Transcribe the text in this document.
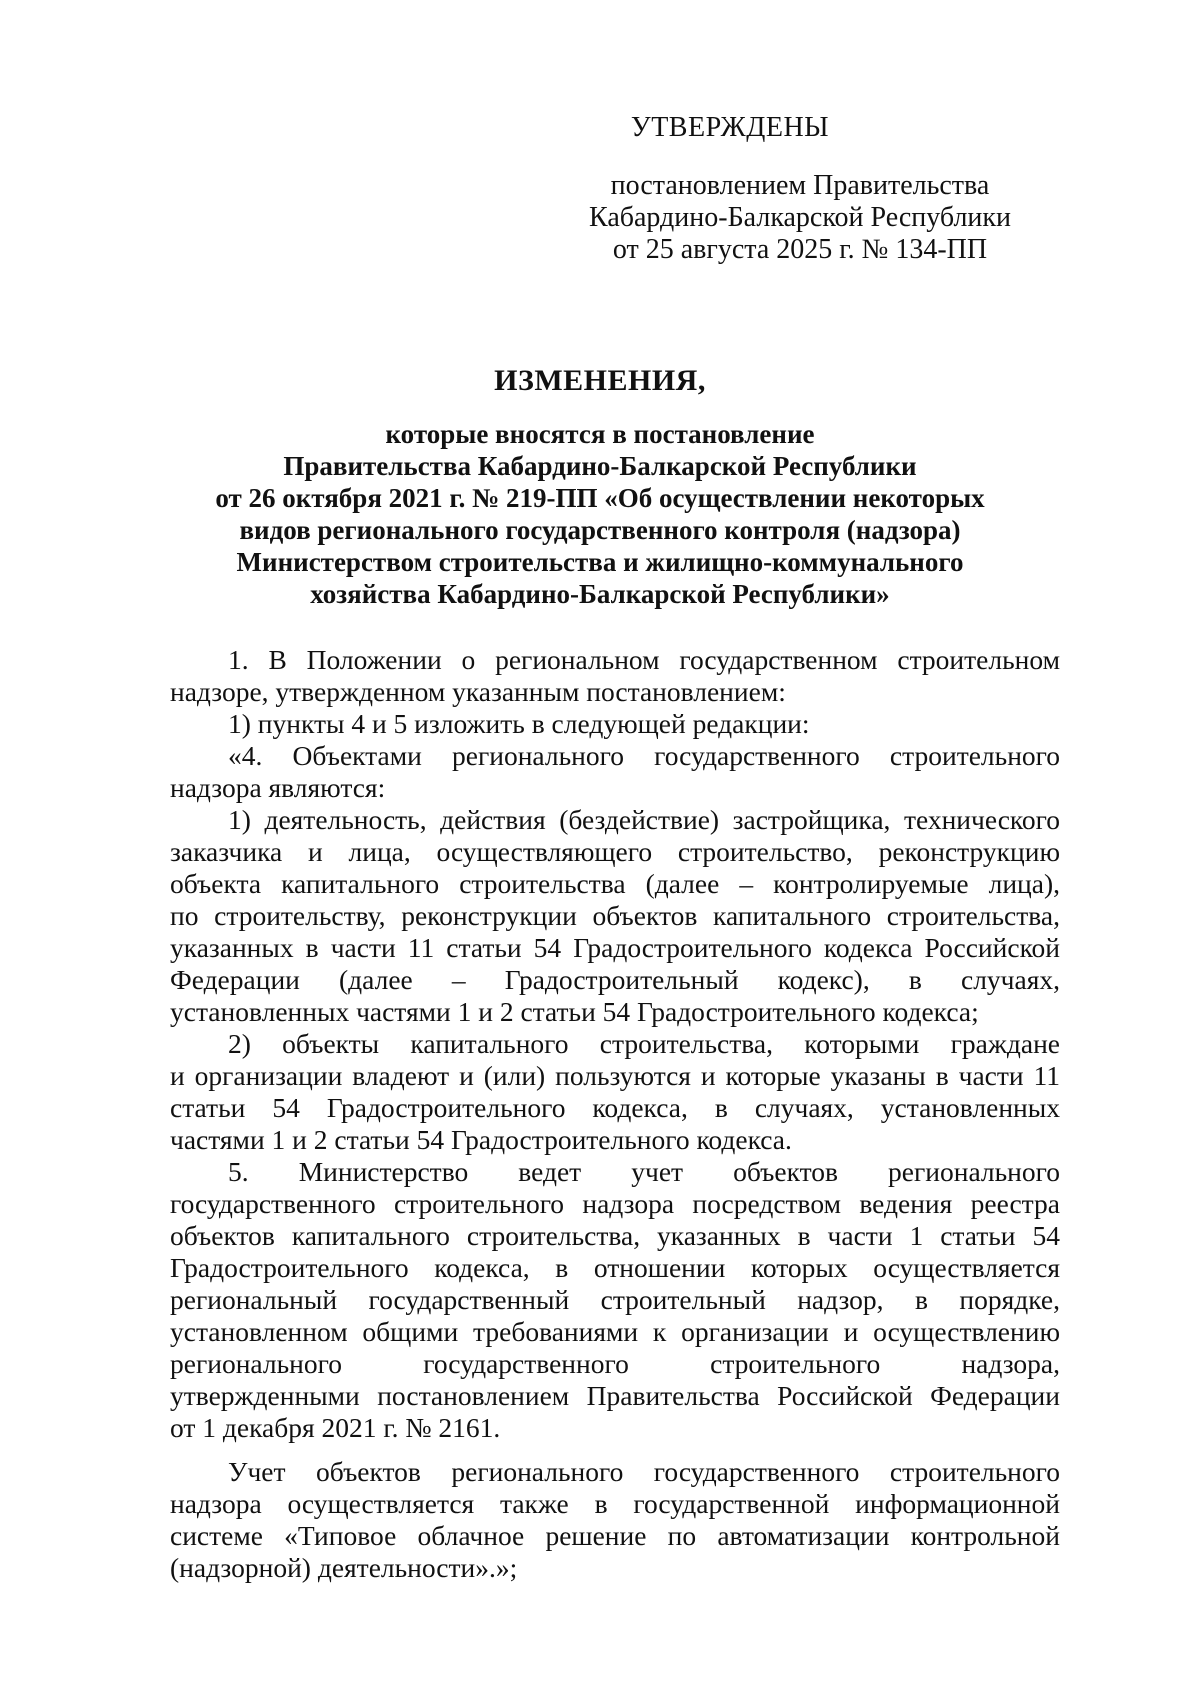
УТВЕРЖДЕНЫ
постановлением Правительства
Кабардино-Балкарской Республики
от 25 августа 2025 г. № 134-ПП
ИЗМЕНЕНИЯ,
которые вносятся в постановление
Правительства Кабардино-Балкарской Республики
от 26 октября 2021 г. № 219-ПП «Об осуществлении некоторых
видов регионального государственного контроля (надзора)
Министерством строительства и жилищно-коммунального
хозяйства Кабардино-Балкарской Республики»
1. В Положении о региональном государственном строительном
надзоре, утвержденном указанным постановлением:
1) пункты 4 и 5 изложить в следующей редакции:
«4. Объектами регионального государственного строительного
надзора являются:
1) деятельность, действия (бездействие) застройщика, технического
заказчика и лица, осуществляющего строительство, реконструкцию
объекта капитального строительства (далее – контролируемые лица),
по строительству, реконструкции объектов капитального строительства,
указанных в части 11 статьи 54 Градостроительного кодекса Российской
Федерации (далее – Градостроительный кодекс), в случаях,
установленных частями 1 и 2 статьи 54 Градостроительного кодекса;
2) объекты капитального строительства, которыми граждане
и организации владеют и (или) пользуются и которые указаны в части 11
статьи 54 Градостроительного кодекса, в случаях, установленных
частями 1 и 2 статьи 54 Градостроительного кодекса.
5. Министерство ведет учет объектов регионального
государственного строительного надзора посредством ведения реестра
объектов капитального строительства, указанных в части 1 статьи 54
Градостроительного кодекса, в отношении которых осуществляется
региональный государственный строительный надзор, в порядке,
установленном общими требованиями к организации и осуществлению
регионального государственного строительного надзора,
утвержденными постановлением Правительства Российской Федерации
от 1 декабря 2021 г. № 2161.
Учет объектов регионального государственного строительного
надзора осуществляется также в государственной информационной
системе «Типовое облачное решение по автоматизации контрольной
(надзорной) деятельности».»;
